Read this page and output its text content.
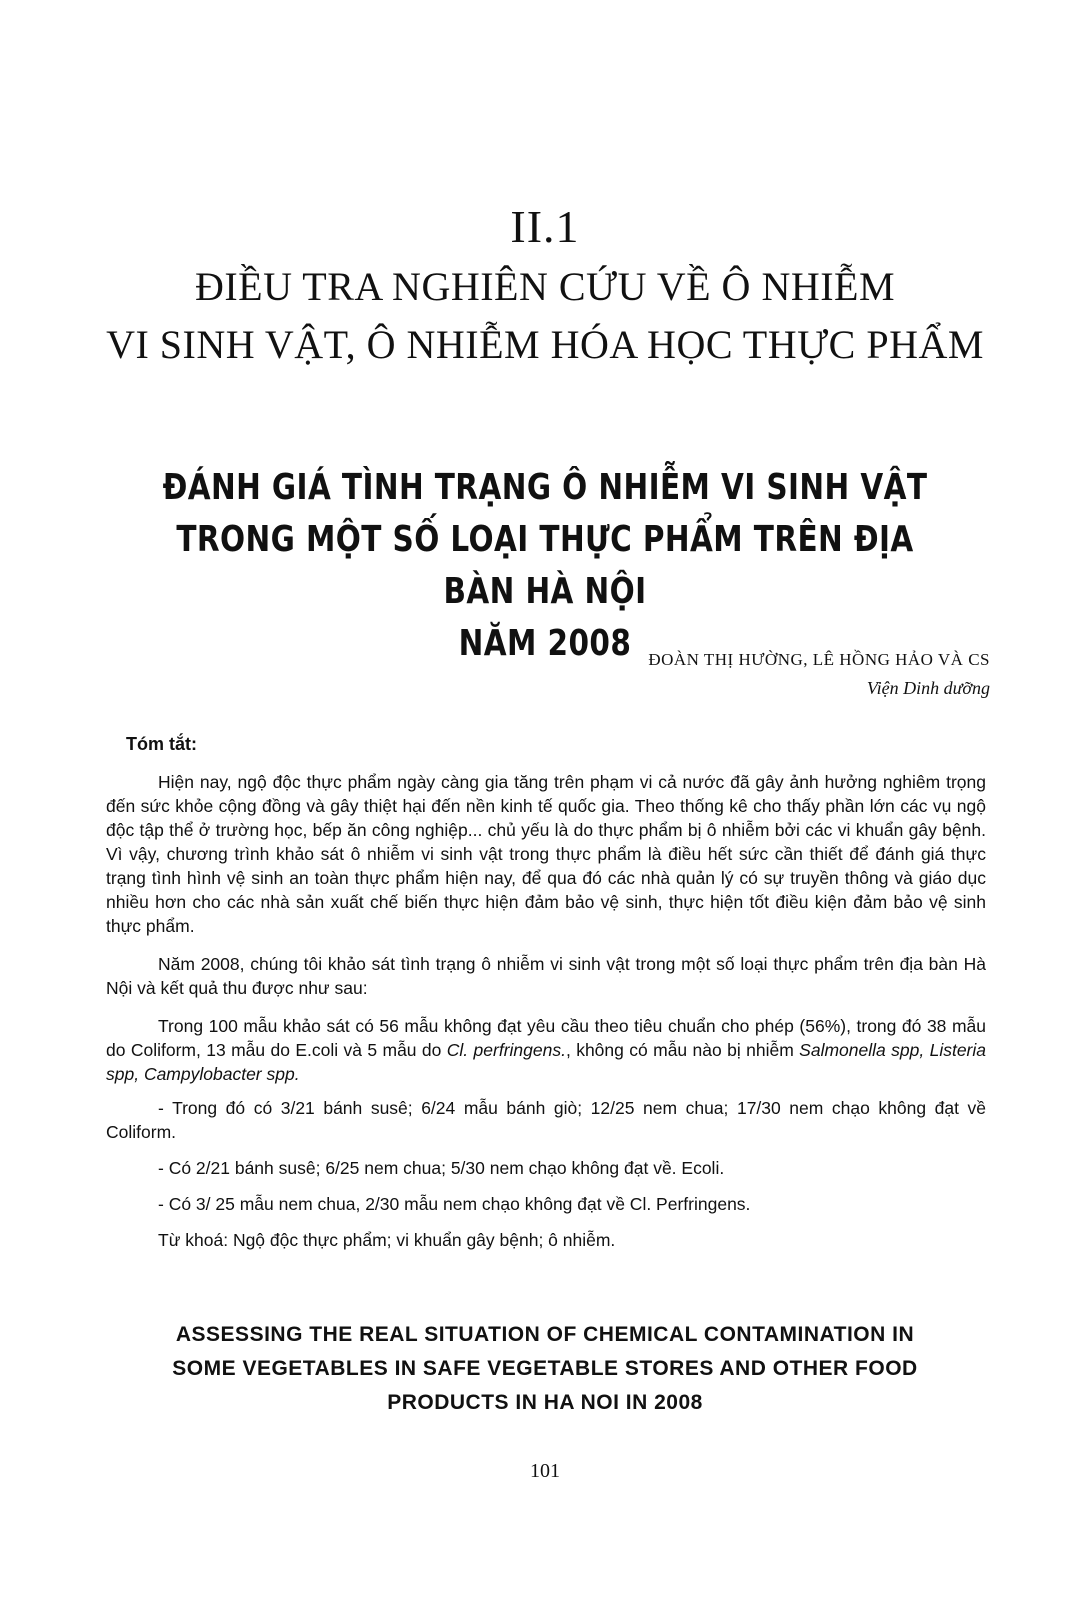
II.1
ĐIỀU TRA NGHIÊN CỨU VỀ Ô NHIỄM
VI SINH VẬT, Ô NHIỄM HÓA HỌC THỰC PHẨM
ĐÁNH GIÁ TÌNH TRẠNG Ô NHIỄM VI SINH VẬT
TRONG MỘT SỐ LOẠI THỰC PHẨM TRÊN ĐỊA BÀN HÀ NỘI
NĂM 2008	ĐOÀN THỊ HƯỜNG, LÊ HỒNG HẢO VÀ CS
Viện Dinh dưỡng
Tóm tắt:

Hiện nay, ngộ độc thực phẩm ngày càng gia tăng trên phạm vi cả nước đã gây ảnh hưởng nghiêm trọng đến sức khỏe cộng đồng và gây thiệt hại đến nền kinh tế quốc gia. Theo thống kê cho thấy phần lớn các vụ ngộ độc tập thể ở trường học, bếp ăn công nghiệp... chủ yếu là do thực phẩm bị ô nhiễm bởi các vi khuẩn gây bệnh. Vì vậy, chương trình khảo sát ô nhiễm vi sinh vật trong thực phẩm là điều hết sức cần thiết để đánh giá thực trạng tình hình vệ sinh an toàn thực phẩm hiện nay, để qua đó các nhà quản lý có sự truyền thông và giáo dục nhiều hơn cho các nhà sản xuất chế biến thực hiện đảm bảo vệ sinh, thực hiện tốt điều kiện đảm bảo vệ sinh thực phẩm.

Năm 2008, chúng tôi khảo sát tình trạng ô nhiễm vi sinh vật trong một số loại thực phẩm trên địa bàn Hà Nội và kết quả thu được như sau:

Trong 100 mẫu khảo sát có 56 mẫu không đạt yêu cầu theo tiêu chuẩn cho phép (56%), trong đó 38 mẫu do Coliform, 13 mẫu do E.coli và 5 mẫu do Cl. perfringens., không có mẫu nào bị nhiễm Salmonella spp, Listeria spp, Campylobacter spp.

- Trong đó có 3/21 bánh susê; 6/24 mẫu bánh giò; 12/25 nem chua; 17/30 nem chạo không đạt về Coliform.

- Có 2/21 bánh susê; 6/25 nem chua; 5/30 nem chạo không đạt về. Ecoli.

- Có 3/ 25 mẫu nem chua, 2/30 mẫu nem chạo không đạt về Cl. Perfringens.

Từ khoá: Ngộ độc thực phẩm; vi khuẩn gây bệnh; ô nhiễm.

ASSESSING THE REAL SITUATION OF CHEMICAL CONTAMINATION IN
SOME VEGETABLES IN SAFE VEGETABLE STORES AND OTHER FOOD
PRODUCTS IN HA NOI IN 2008
101
